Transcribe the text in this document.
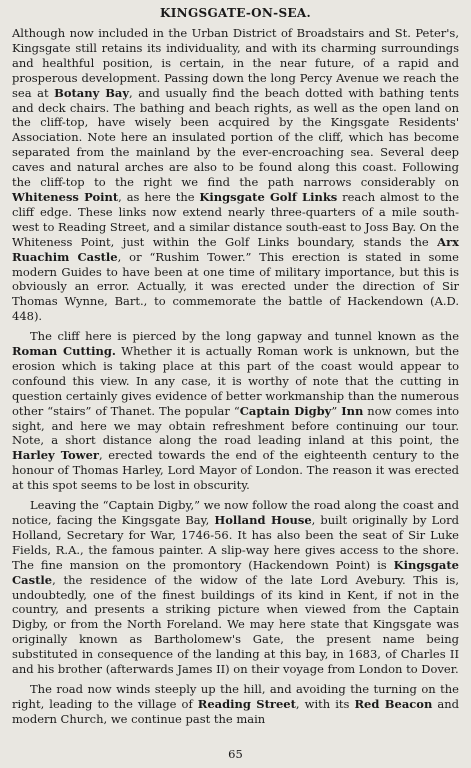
KINGSGATE-ON-SEA.

Although now included in the Urban District of Broadstairs and St. Peter's, Kingsgate still retains its individuality, and with its charming surroundings and healthful position, is certain, in the near future, of a rapid and prosperous development. Passing down the long Percy Avenue we reach the sea at Botany Bay, and usually find the beach dotted with bathing tents and deck chairs. The bathing and beach rights, as well as the open land on the cliff-top, have wisely been acquired by the Kingsgate Residents' Association. Note here an insulated portion of the cliff, which has become separated from the mainland by the ever-encroaching sea. Several deep caves and natural arches are also to be found along this coast. Following the cliff-top to the right we find the path narrows considerably on Whiteness Point, as here the Kingsgate Golf Links reach almost to the cliff edge. These links now extend nearly three-quarters of a mile south-west to Reading Street, and a similar distance south-east to Joss Bay. On the Whiteness Point, just within the Golf Links boundary, stands the Arx Ruachim Castle, or “Rushim Tower.” This erection is stated in some modern Guides to have been at one time of military importance, but this is obviously an error. Actually, it was erected under the direction of Sir Thomas Wynne, Bart., to commemorate the battle of Hackendown (A.D. 448).

The cliff here is pierced by the long gapway and tunnel known as the Roman Cutting. Whether it is actually Roman work is unknown, but the erosion which is taking place at this part of the coast would appear to confound this view. In any case, it is worthy of note that the cutting in question certainly gives evidence of better workmanship than the numerous other “stairs” of Thanet. The popular “Captain Digby” Inn now comes into sight, and here we may obtain refreshment before continuing our tour. Note, a short distance along the road leading inland at this point, the Harley Tower, erected towards the end of the eighteenth century to the honour of Thomas Harley, Lord Mayor of London. The reason it was erected at this spot seems to be lost in obscurity.

Leaving the “Captain Digby,” we now follow the road along the coast and notice, facing the Kingsgate Bay, Holland House, built originally by Lord Holland, Secretary for War, 1746-56. It has also been the seat of Sir Luke Fields, R.A., the famous painter. A slip-way here gives access to the shore. The fine mansion on the promontory (Hackendown Point) is Kingsgate Castle, the residence of the widow of the late Lord Avebury. This is, undoubtedly, one of the finest buildings of its kind in Kent, if not in the country, and presents a striking picture when viewed from the Captain Digby, or from the North Foreland. We may here state that Kingsgate was originally known as Bartholomew's Gate, the present name being substituted in consequence of the landing at this bay, in 1683, of Charles II and his brother (afterwards James II) on their voyage from London to Dover.

The road now winds steeply up the hill, and avoiding the turning on the right, leading to the village of Reading Street, with its Red Beacon and modern Church, we continue past the main

65
